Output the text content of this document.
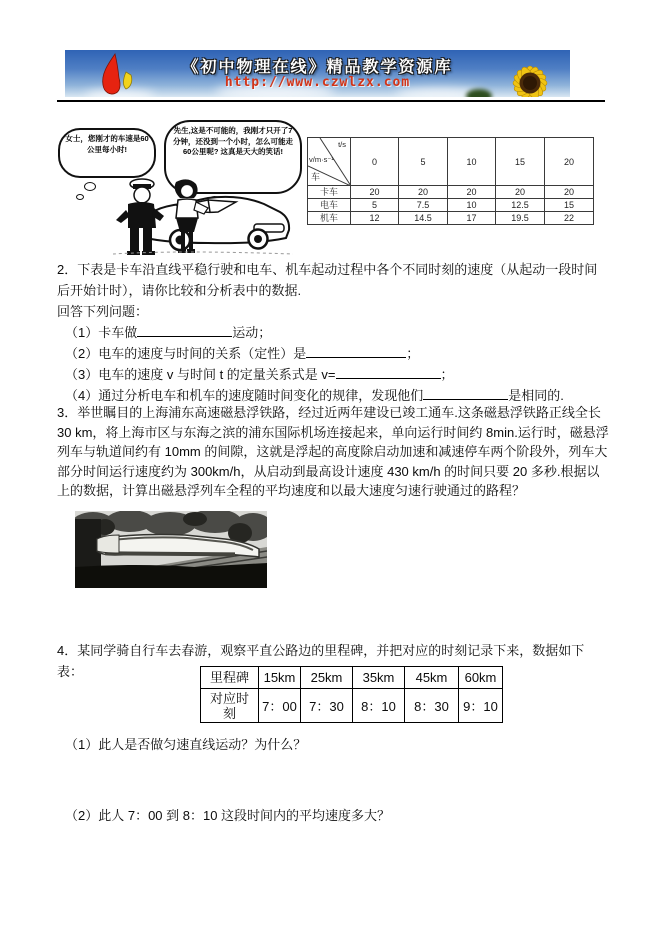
《初中物理在线》精品教学资源库
http://www.czwlzx.com
女士，您刚才的车速是60公里每小时!
先生,这是不可能的，我刚才只开了7分钟，还没到一个小时，怎么可能走60公里呢? 这真是天大的笑话!
t/s
v/m·s⁻¹
车	0	5	10	15	20
卡车	20	20	20	20	20
电车	5	7.5	10	12.5	15
机车	12	14.5	17	19.5	22
2．下表是卡车沿直线平稳行驶和电车、机车起动过程中各个不同时刻的速度（从起动一段时间后开始计时），请你比较和分析表中的数据.
回答下列问题：
（1）卡车做	运动；
（2）电车的速度与时间的关系（定性）是	；
（3）电车的速度 v 与时间 t 的定量关系式是 v=	；
（4）通过分析电车和机车的速度随时间变化的规律，发现他们	是相同的.
3．举世瞩目的上海浦东高速磁悬浮铁路，经过近两年建设已竣工通车.这条磁悬浮铁路正线全长 30 km，将上海市区与东海之滨的浦东国际机场连接起来，单向运行时间约 8min.运行时，磁悬浮列车与轨道间约有 10mm 的间隙，这就是浮起的高度除启动加速和减速停车两个阶段外，列车大部分时间运行速度约为 300km/h，从启动到最高设计速度 430 km/h 的时间只要 20 多秒.根据以上的数据，计算出磁悬浮列车全程的平均速度和以最大速度匀速行驶通过的路程？
4．某同学骑自行车去春游，观察平直公路边的里程碑，并把对应的时刻记录下来，数据如下表：	里程碑	15km	25km	35km	45km	60km
对应时刻	7：00	7：30	8：10	8：30	9：10
（1）此人是否做匀速直线运动？为什么？
（2）此人 7：00 到 8：10 这段时间内的平均速度多大？
